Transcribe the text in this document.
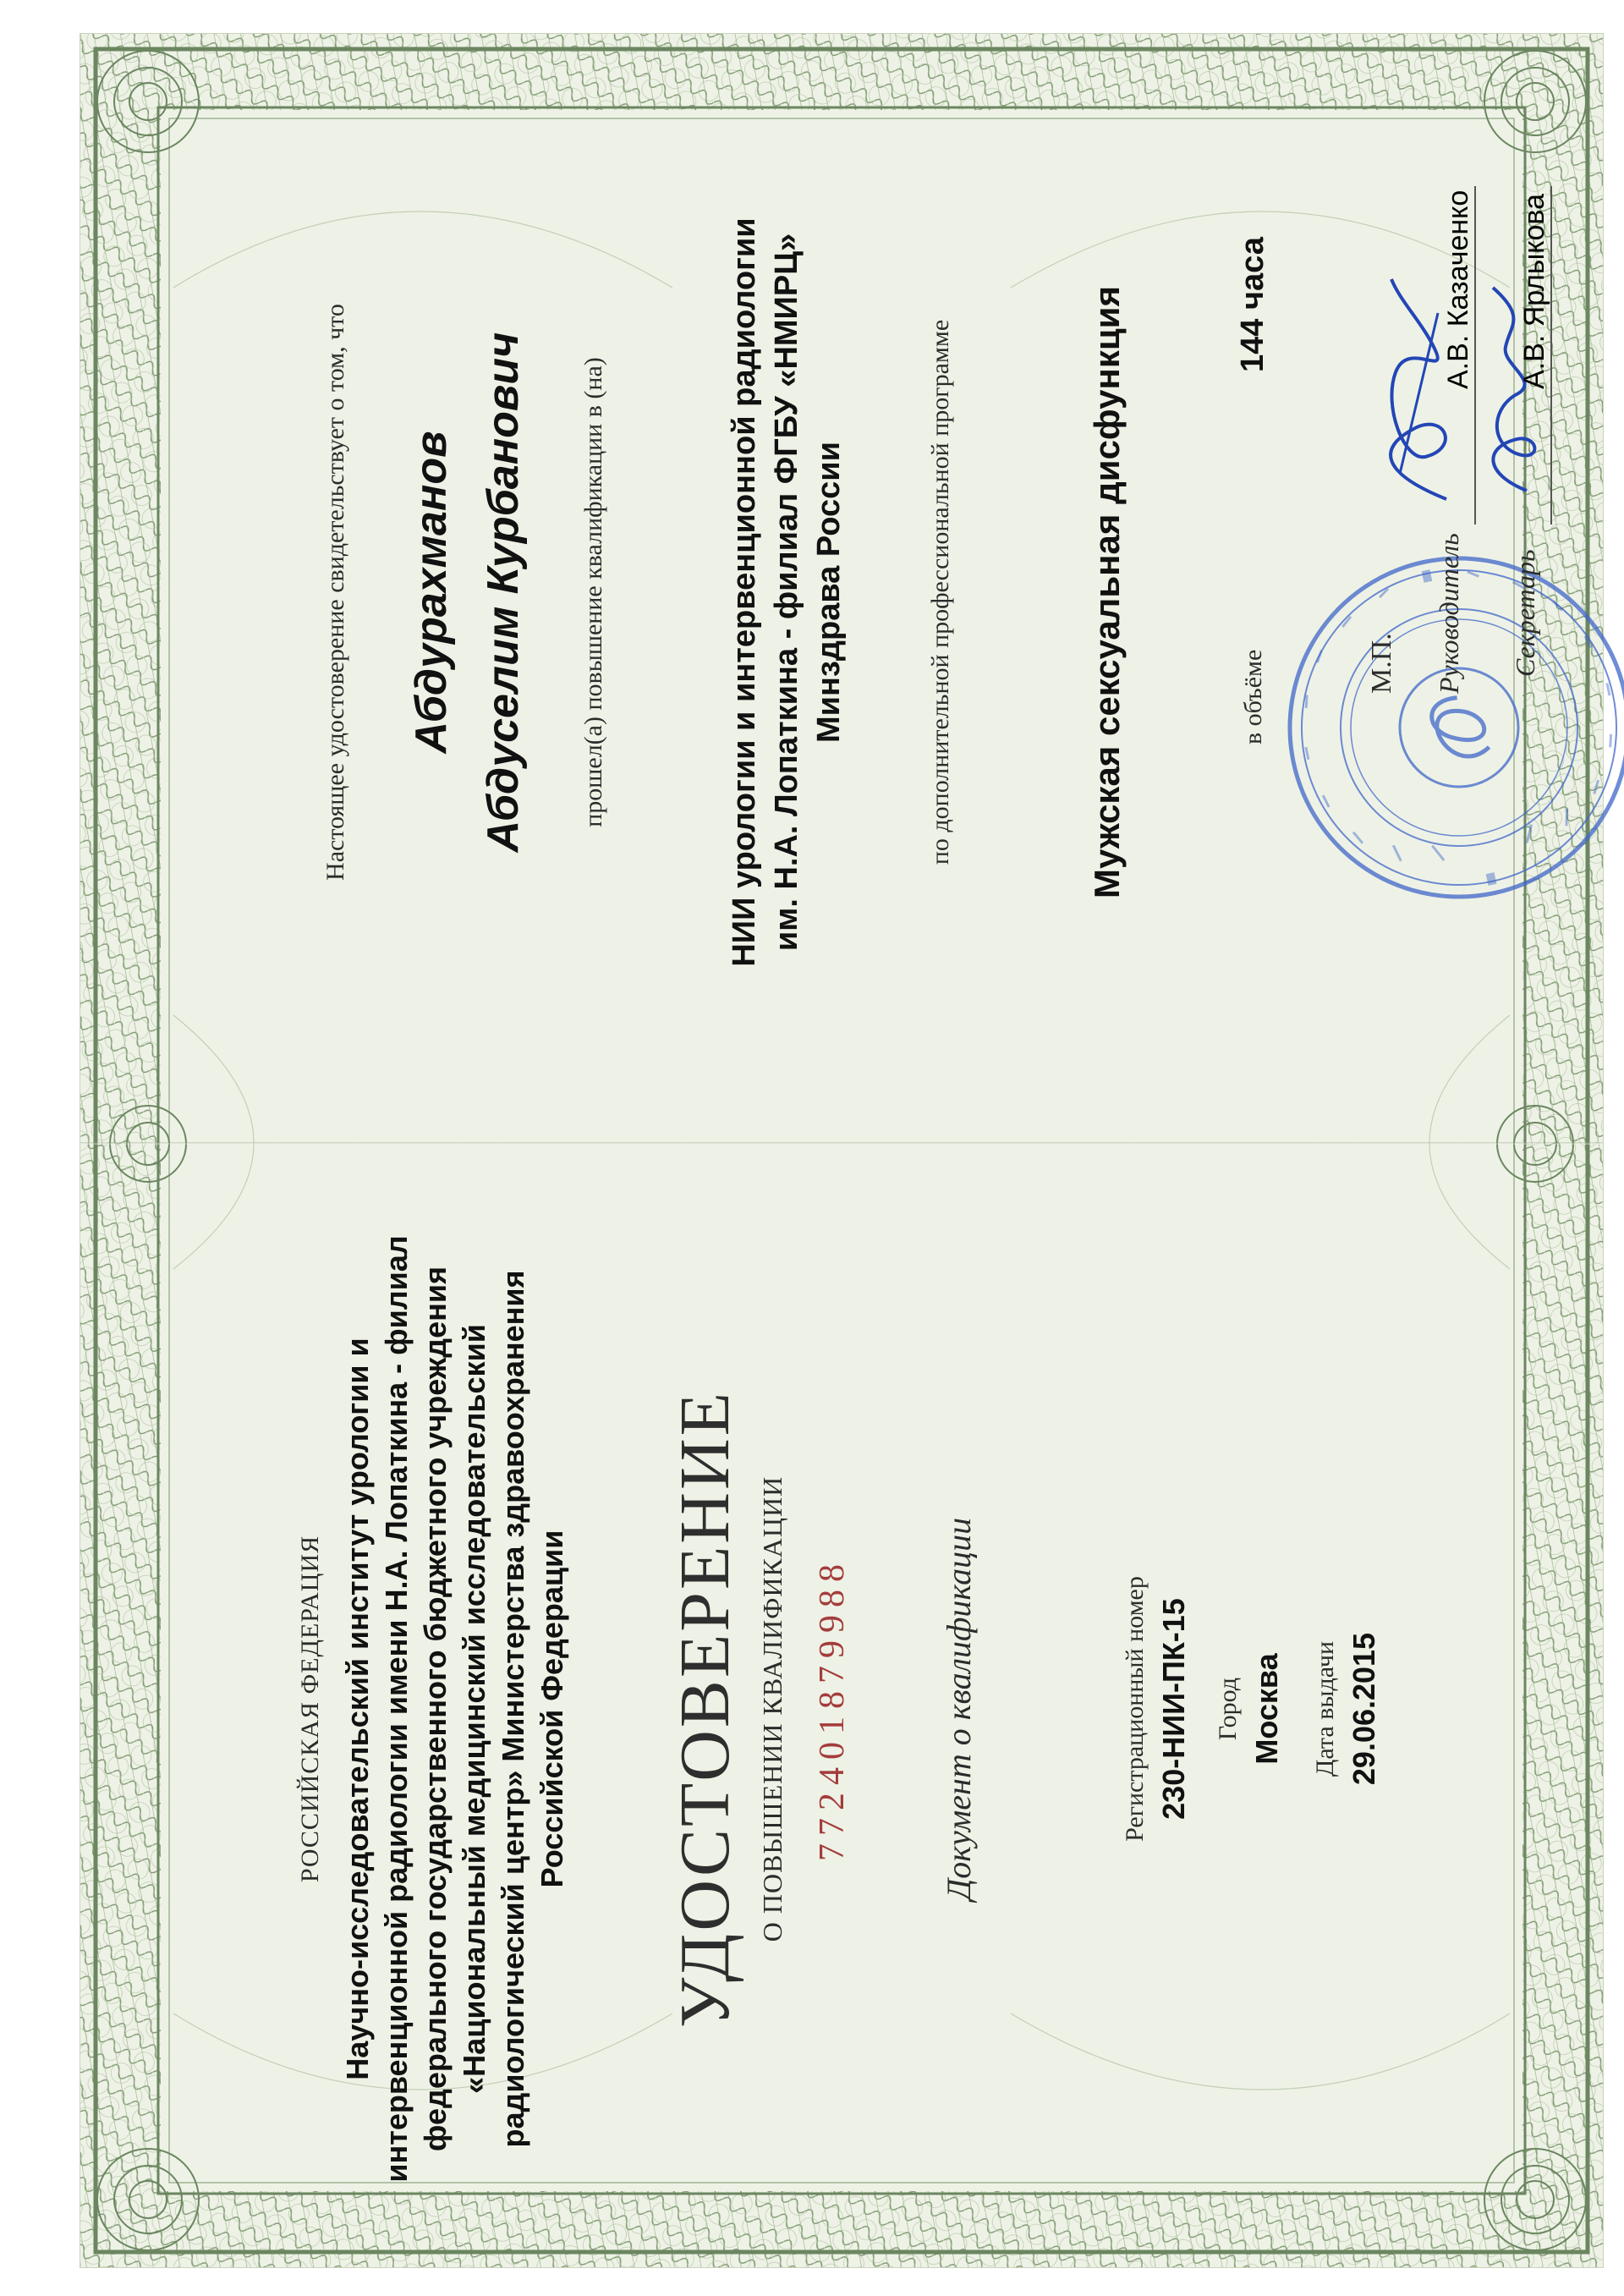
РОССИЙСКАЯ ФЕДЕРАЦИЯ Научно-исследовательский институт урологии и интервенционной радиологии имени Н.А. Лопаткина - филиал федерального государственного бюджетного учреждения «Национальный медицинский исследовательский радиологический центр» Министерства здравоохранения Российской Федерации УДОСТОВЕРЕНИЕ О ПОВЫШЕНИИ КВАЛИФИКАЦИИ 772401879988	Документ о квалификации	Регистрационный номер 230-НИИ-ПК-15 Город Москва Дата выдачи 29.06.2015
Настоящее удостоверение свидетельствует о том, что Абдурахманов Абдуселим Курбанович прошел(а) повышение квалификации в (на)	НИИ урологии и интервенционной радиологии им. Н.А. Лопаткина - филиал ФГБУ «НМИРЦ» Минздрава России	по дополнительной профессиональной программе	Мужская сексуальная дисфункция	в объёме
144 часа
М.П. Руководитель
А.В. Казаченко
Секретарь
А.В. Ярлыкова
